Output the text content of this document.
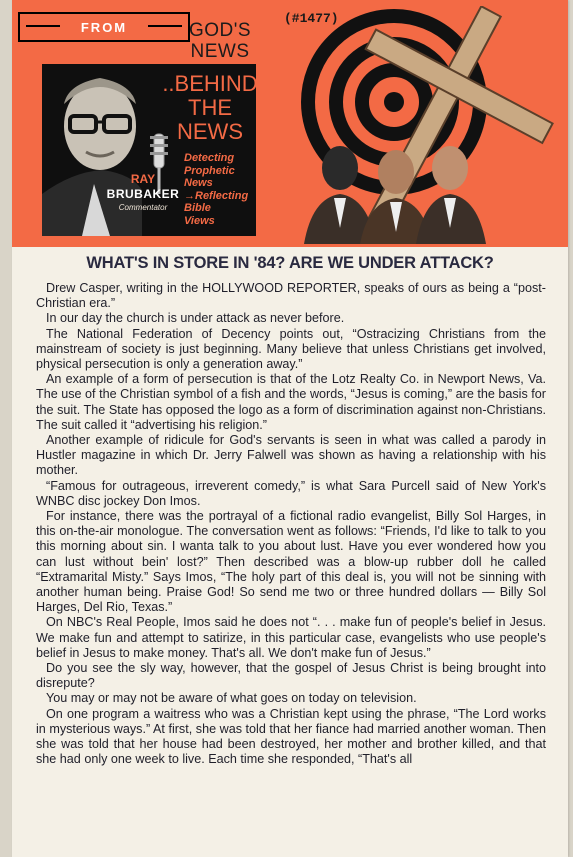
FROM	GOD'S
NEWS
(#1477)
..BEHIND
THE
NEWS
Detecting
Prophetic
News
→Reflecting
Bible
Views
RAY
BRUBAKER
Commentator
WHAT'S IN STORE IN '84? ARE WE UNDER ATTACK?

Drew Casper, writing in the HOLLYWOOD REPORTER, speaks of ours as being a “post-Christian era.”

In our day the church is under attack as never before.

The National Federation of Decency points out, “Ostracizing Christians from the mainstream of society is just beginning. Many believe that unless Christians get involved, physical persecution is only a generation away.”

An example of a form of persecution is that of the Lotz Realty Co. in Newport News, Va. The use of the Christian symbol of a fish and the words, “Jesus is coming,” are the basis for the suit. The State has opposed the logo as a form of discrimination against non-Christians. The suit called it “advertising his religion.”

Another example of ridicule for God's servants is seen in what was called a parody in Hustler magazine in which Dr. Jerry Falwell was shown as having a relationship with his mother.

“Famous for outrageous, irreverent comedy,” is what Sara Purcell said of New York's WNBC disc jockey Don Imos.

For instance, there was the portrayal of a fictional radio evangelist, Billy Sol Harges, in this on-the-air monologue. The conversation went as follows: “Friends, I'd like to talk to you this morning about sin. I wanta talk to you about lust. Have you ever wondered how you can lust without bein' lost?” Then described was a blow-up rubber doll he called “Extramarital Misty.” Says Imos, “The holy part of this deal is, you will not be sinning with another human being. Praise God! So send me two or three hundred dollars — Billy Sol Harges, Del Rio, Texas.”

On NBC's Real People, Imos said he does not “. . . make fun of people's belief in Jesus. We make fun and attempt to satirize, in this particular case, evangelists who use people's belief in Jesus to make money. That's all. We don't make fun of Jesus.”

Do you see the sly way, however, that the gospel of Jesus Christ is being brought into disrepute?

You may or may not be aware of what goes on today on television.

On one program a waitress who was a Christian kept using the phrase, “The Lord works in mysterious ways.” At first, she was told that her fiance had married another woman. Then she was told that her house had been destroyed, her mother and brother killed, and that she had only one week to live. Each time she responded, “That's all
